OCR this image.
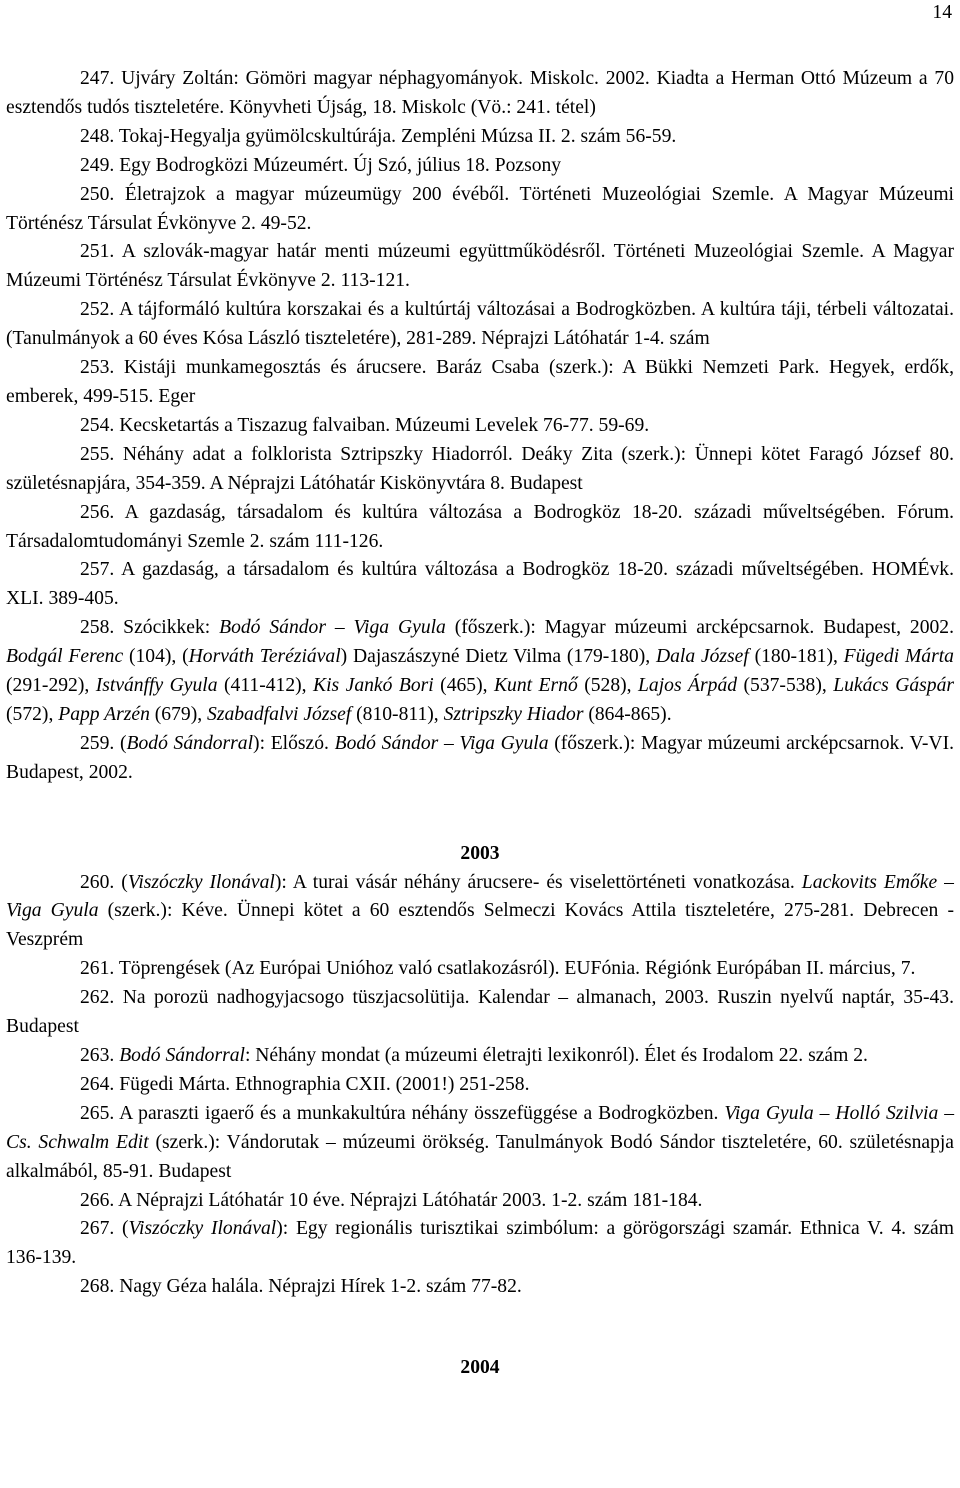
14

247. Ujváry Zoltán: Gömöri magyar néphagyományok. Miskolc. 2002. Kiadta a Herman Ottó Múzeum a 70 esztendős tudós tiszteletére. Könyvheti Újság, 18. Miskolc (Vö.: 241. tétel)

248. Tokaj-Hegyalja gyümölcskultúrája. Zempléni Múzsa II. 2. szám 56-59.

249. Egy Bodrogközi Múzeumért. Új Szó, július 18. Pozsony

250. Életrajzok a magyar múzeumügy 200 évéből. Történeti Muzeológiai Szemle. A Magyar Múzeumi Történész Társulat Évkönyve 2. 49-52.

251. A szlovák-magyar határ menti múzeumi együttműködésről. Történeti Muzeológiai Szemle. A Magyar Múzeumi Történész Társulat Évkönyve 2. 113-121.

252. A tájformáló kultúra korszakai és a kultúrtáj változásai a Bodrogközben. A kultúra táji, térbeli változatai. (Tanulmányok a 60 éves Kósa László tiszteletére), 281-289. Néprajzi Látóhatár 1-4. szám

253. Kistáji munkamegosztás és árucsere. Baráz Csaba (szerk.): A Bükki Nemzeti Park. Hegyek, erdők, emberek, 499-515. Eger

254. Kecsketartás a Tiszazug falvaiban. Múzeumi Levelek 76-77. 59-69.

255. Néhány adat a folklorista Sztripszky Hiadorról. Deáky Zita (szerk.): Ünnepi kötet Faragó József 80. születésnapjára, 354-359. A Néprajzi Látóhatár Kiskönyvtára 8. Budapest

256. A gazdaság, társadalom és kultúra változása a Bodrogköz 18-20. századi műveltségében. Fórum. Társadalomtudományi Szemle 2. szám 111-126.

257. A gazdaság, a társadalom és kultúra változása a Bodrogköz 18-20. századi műveltségében. HOMÉvk. XLI. 389-405.

258. Szócikkek: Bodó Sándor – Viga Gyula (főszerk.): Magyar múzeumi arcképcsarnok. Budapest, 2002. Bodgál Ferenc (104), (Horváth Teréziával) Dajaszászyné Dietz Vilma (179-180), Dala József (180-181), Fügedi Márta (291-292), Istvánffy Gyula (411-412), Kis Jankó Bori (465), Kunt Ernő (528), Lajos Árpád (537-538), Lukács Gáspár (572), Papp Arzén (679), Szabadfalvi József (810-811), Sztripszky Hiador (864-865).

259. (Bodó Sándorral): Előszó. Bodó Sándor – Viga Gyula (főszerk.): Magyar múzeumi arcképcsarnok. V-VI. Budapest, 2002.

2003

260. (Viszóczky Ilonával): A turai vásár néhány árucsere- és viselettörténeti vonatkozása. Lackovits Emőke – Viga Gyula (szerk.): Kéve. Ünnepi kötet a 60 esztendős Selmeczi Kovács Attila tiszteletére, 275-281. Debrecen - Veszprém

261. Töprengések (Az Európai Unióhoz való csatlakozásról). EUFónia. Régiónk Európában II. március, 7.

262. Na porozü nadhogyjacsogo tüszjacsolütija. Kalendar – almanach, 2003. Ruszin nyelvű naptár, 35-43. Budapest

263. Bodó Sándorral: Néhány mondat (a múzeumi életrajti lexikonról). Élet és Irodalom 22. szám 2.

264. Fügedi Márta. Ethnographia CXII. (2001!) 251-258.

265. A paraszti igaerő és a munkakultúra néhány összefüggése a Bodrogközben. Viga Gyula – Holló Szilvia – Cs. Schwalm Edit (szerk.): Vándorutak – múzeumi örökség. Tanulmányok Bodó Sándor tiszteletére, 60. születésnapja alkalmából, 85-91. Budapest

266. A Néprajzi Látóhatár 10 éve. Néprajzi Látóhatár 2003. 1-2. szám 181-184.

267. (Viszóczky Ilonával): Egy regionális turisztikai szimbólum: a görögországi szamár. Ethnica V. 4. szám 136-139.

268. Nagy Géza halála. Néprajzi Hírek 1-2. szám 77-82.

2004
